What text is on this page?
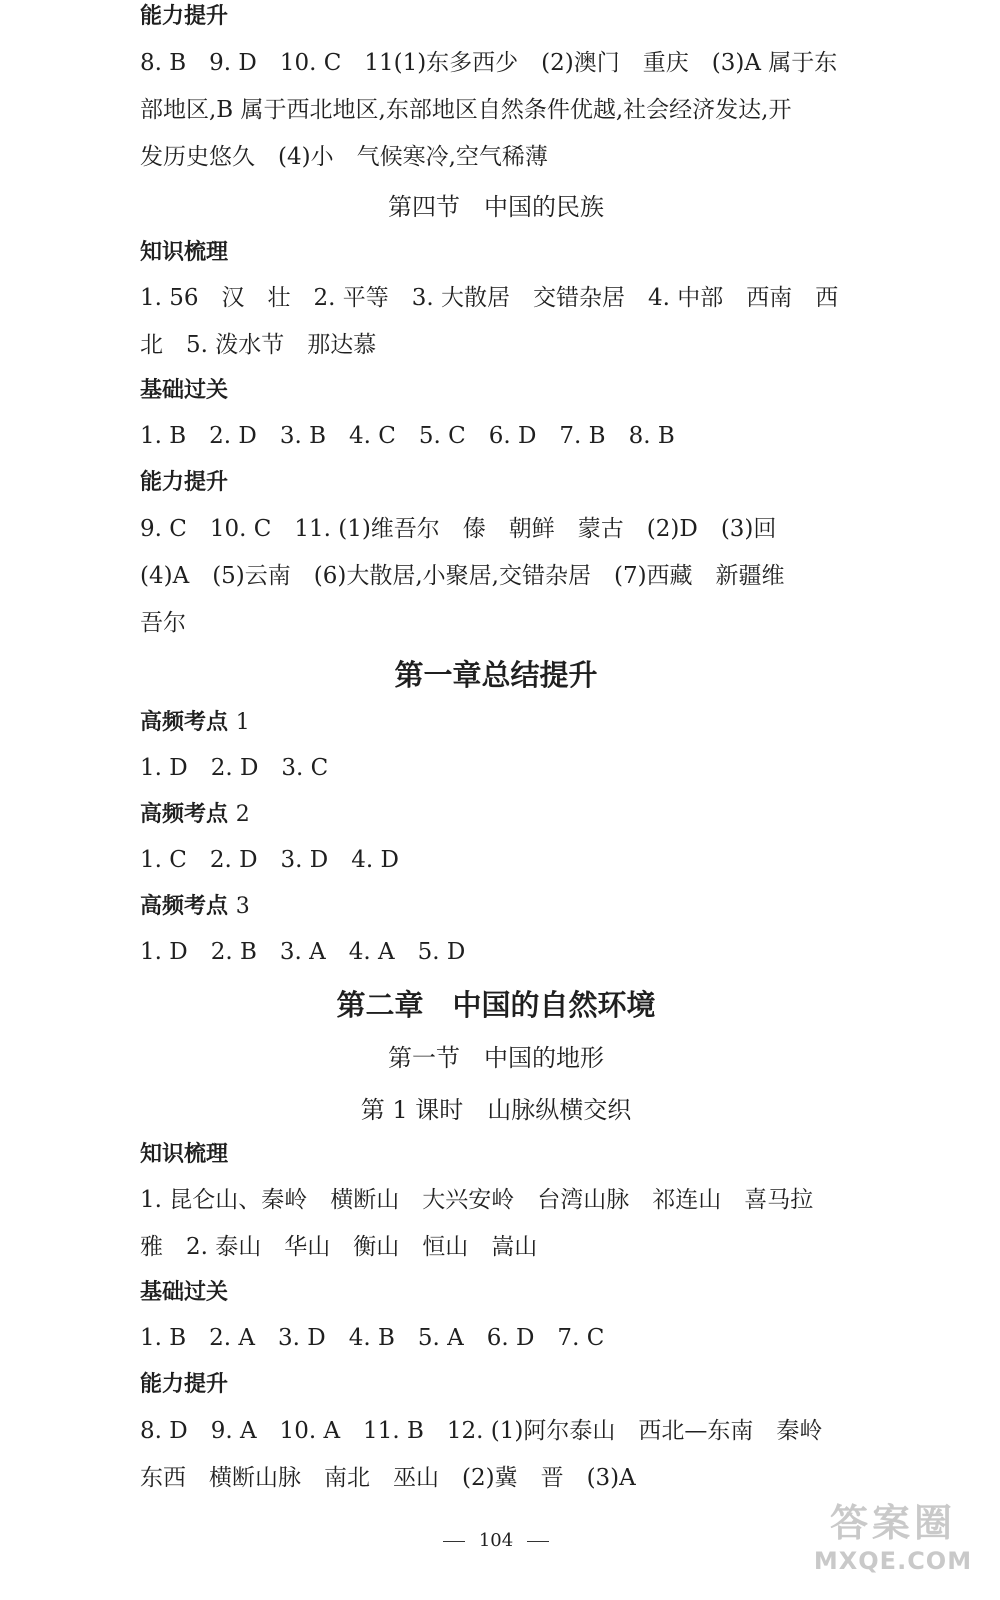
能力提升

8. B　9. D　10. C　11(1)东多西少　(2)澳门　重庆　(3)A 属于东
部地区,B 属于西北地区,东部地区自然条件优越,社会经济发达,开
发历史悠久　(4)小　气候寒冷,空气稀薄

第四节　中国的民族

知识梳理

1. 56　汉　壮　2. 平等　3. 大散居　交错杂居　4. 中部　西南　西
北　5. 泼水节　那达慕

基础过关

1. B　2. D　3. B　4. C　5. C　6. D　7. B　8. B

能力提升

9. C　10. C　11. (1)维吾尔　傣　朝鲜　蒙古　(2)D　(3)回
(4)A　(5)云南　(6)大散居,小聚居,交错杂居　(7)西藏　新疆维
吾尔

第一章总结提升

高频考点 1

1. D　2. D　3. C

高频考点 2

1. C　2. D　3. D　4. D

高频考点 3

1. D　2. B　3. A　4. A　5. D

第二章　中国的自然环境

第一节　中国的地形

第 1 课时　山脉纵横交织

知识梳理

1. 昆仑山、秦岭　横断山　大兴安岭　台湾山脉　祁连山　喜马拉
雅　2. 泰山　华山　衡山　恒山　嵩山

基础过关

1. B　2. A　3. D　4. B　5. A　6. D　7. C

能力提升

8. D　9. A　10. A　11. B　12. (1)阿尔泰山　西北—东南　秦岭
东西　横断山脉　南北　巫山　(2)冀　晋　(3)A

104	答案圈
MXQE.COM
